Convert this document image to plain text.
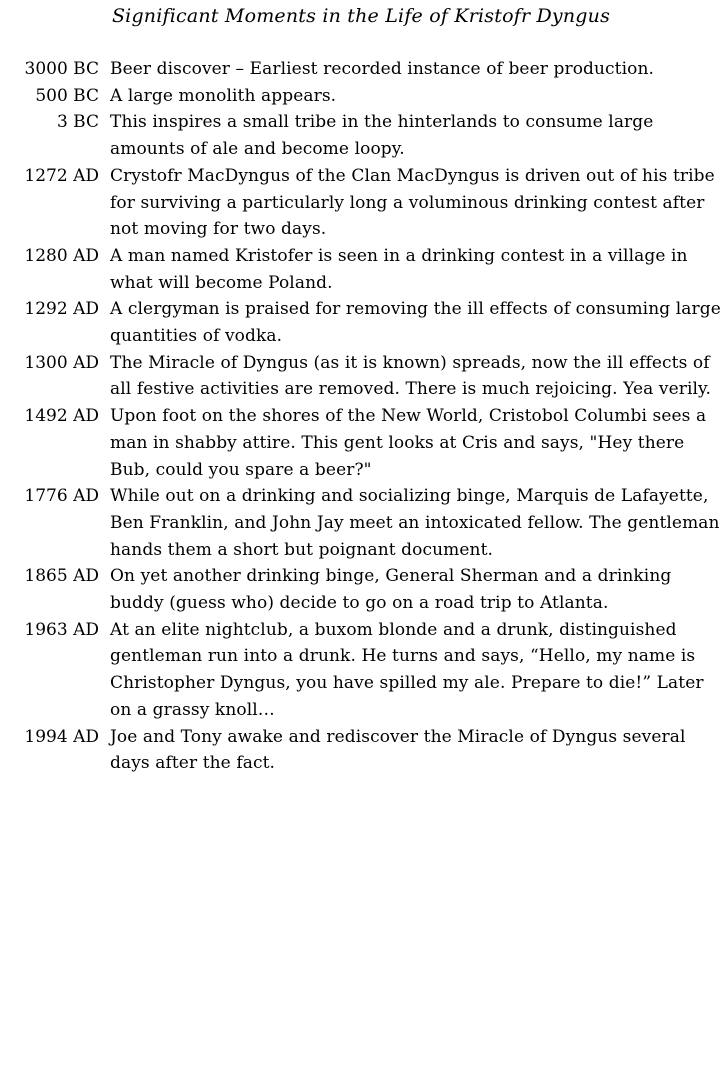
Significant Moments in the Life of Kristofr Dyngus
3000 BC Beer discover – Earliest recorded instance of beer production.
500 BC A large monolith appears.
3 BC This inspires a small tribe in the hinterlands to consume large amounts of ale and become loopy.
1272 AD Crystofr MacDyngus of the Clan MacDyngus is driven out of his tribe for surviving a particularly long a voluminous drinking contest after not moving for two days.
1280 AD A man named Kristofer is seen in a drinking contest in a village in what will become Poland.
1292 AD A clergyman is praised for removing the ill effects of consuming large quantities of vodka.
1300 AD The Miracle of Dyngus (as it is known) spreads, now the ill effects of all festive activities are removed. There is much rejoicing. Yea verily.
1492 AD Upon foot on the shores of the New World, Cristobol Columbi sees a man in shabby attire. This gent looks at Cris and says, "Hey there Bub, could you spare a beer?"
1776 AD While out on a drinking and socializing binge, Marquis de Lafayette, Ben Franklin, and John Jay meet an intoxicated fellow. The gentleman hands them a short but poignant document.
1865 AD On yet another drinking binge, General Sherman and a drinking buddy (guess who) decide to go on a road trip to Atlanta.
1963 AD At an elite nightclub, a buxom blonde and a drunk, distinguished gentleman run into a drunk. He turns and says, “Hello, my name is Christopher Dyngus, you have spilled my ale. Prepare to die!” Later on a grassy knoll…
1994 AD Joe and Tony awake and rediscover the Miracle of Dyngus several days after the fact.
